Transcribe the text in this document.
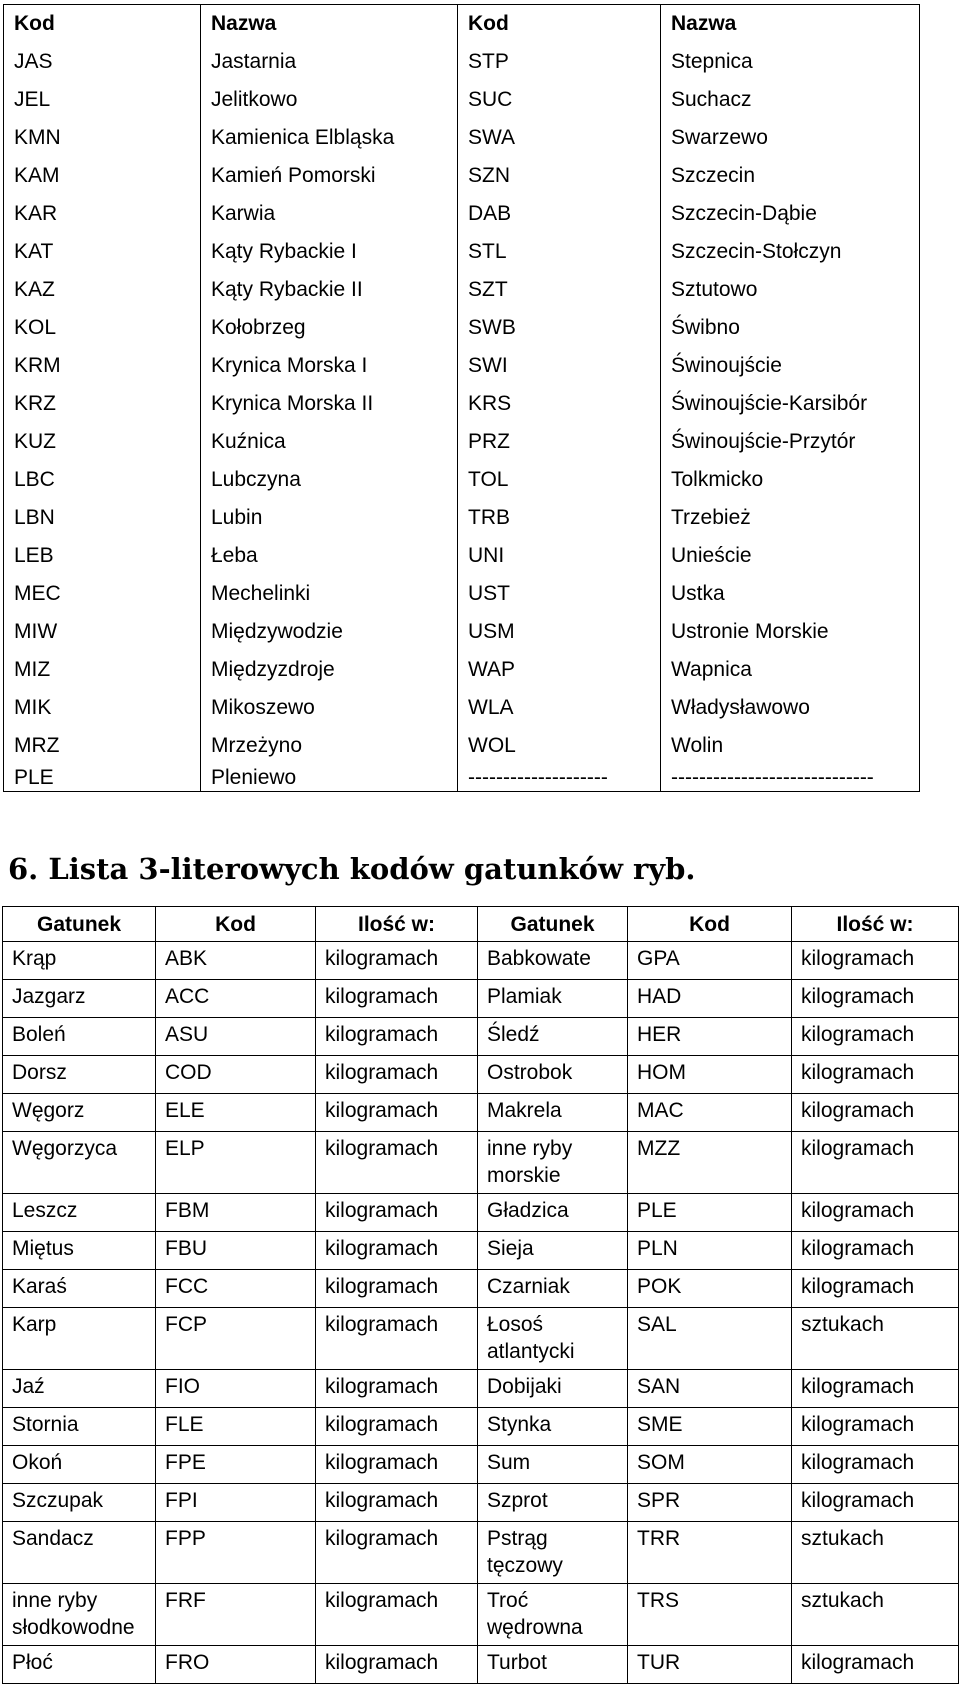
Kod	Nazwa	Kod	Nazwa
JAS	Jastarnia	STP	Stepnica
JEL	Jelitkowo	SUC	Suchacz
KMN	Kamienica Elbląska	SWA	Swarzewo
KAM	Kamień Pomorski	SZN	Szczecin
KAR	Karwia	DAB	Szczecin-Dąbie
KAT	Kąty Rybackie I	STL	Szczecin-Stołczyn
KAZ	Kąty Rybackie II	SZT	Sztutowo
KOL	Kołobrzeg	SWB	Świbno
KRM	Krynica Morska I	SWI	Świnoujście
KRZ	Krynica Morska II	KRS	Świnoujście-Karsibór
KUZ	Kuźnica	PRZ	Świnoujście-Przytór
LBC	Lubczyna	TOL	Tolkmicko
LBN	Lubin	TRB	Trzebież
LEB	Łeba	UNI	Unieście
MEC	Mechelinki	UST	Ustka
MIW	Międzywodzie	USM	Ustronie Morskie
MIZ	Międzyzdroje	WAP	Wapnica
MIK	Mikoszewo	WLA	Władysławowo
MRZ	Mrzeżyno	WOL	Wolin
PLE	Pleniewo	--------------------	-----------------------------
6. Lista 3-literowych kodów gatunków ryb.
Gatunek	Kod	Ilość w:	Gatunek	Kod	Ilość w:
Krąp	ABK	kilogramach	Babkowate	GPA	kilogramach
Jazgarz	ACC	kilogramach	Plamiak	HAD	kilogramach
Boleń	ASU	kilogramach	Śledź	HER	kilogramach
Dorsz	COD	kilogramach	Ostrobok	HOM	kilogramach
Węgorz	ELE	kilogramach	Makrela	MAC	kilogramach
Węgorzyca	ELP	kilogramach	inne ryby morskie	MZZ	kilogramach
Leszcz	FBM	kilogramach	Gładzica	PLE	kilogramach
Miętus	FBU	kilogramach	Sieja	PLN	kilogramach
Karaś	FCC	kilogramach	Czarniak	POK	kilogramach
Karp	FCP	kilogramach	Łosoś atlantycki	SAL	sztukach
Jaź	FIO	kilogramach	Dobijaki	SAN	kilogramach
Stornia	FLE	kilogramach	Stynka	SME	kilogramach
Okoń	FPE	kilogramach	Sum	SOM	kilogramach
Szczupak	FPI	kilogramach	Szprot	SPR	kilogramach
Sandacz	FPP	kilogramach	Pstrąg tęczowy	TRR	sztukach
inne ryby słodkowodne	FRF	kilogramach	Troć wędrowna	TRS	sztukach
Płoć	FRO	kilogramach	Turbot	TUR	kilogramach
